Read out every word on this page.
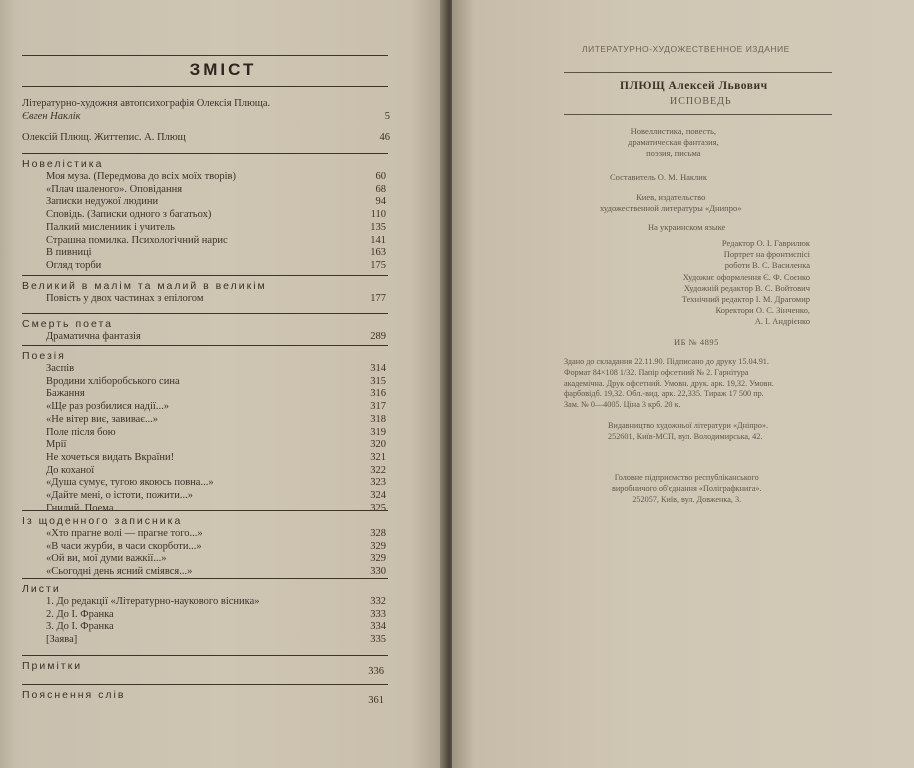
ЗМІСТ
Літературно-художня автопсихографія Олексія Плюща.
Євген Наклік	5
Олексій Плющ. Життепис. А. Плющ	46
Новелістика
Моя муза. (Передмова до всіх моїх творів)	60
«Плач шаленого». Оповідання	68
Записки недужої людини	94
Сповідь. (Записки одного з багатьох)	110
Палкий мислениик і учитель	135
Страшна помилка. Психологічний нарис	141
В пивниці	163
Огляд торби	175
Великий в малім та малий в великім
Повість у двох частинах з епілогом	177
Смерть поета
Драматична фантазія	289
Поезія
Заспів	314
Вродини хліборобського сина	315
Бажання	316
«Ще раз розбилися надії...»	317
«Не вітер виє, завиває...»	318
Поле після бою	319
Мрії	320
Не хочеться видать Вкраїни!	321
До коханої	322
«Душа сумує, тугою якоюсь повна...»	323
«Дайте мені, о істоти, пожити...»	324
Гнилий. Поема	325
Із щоденного записника
«Хто прагне волі — прагне того...»	328
«В часи журби, в часи скорботи...»	329
«Ой ви, мої думи важкії...»	329
«Сьогодні день ясний сміявся...»	330
Листи
1. До редакції «Літературно-наукового вісника»	332
2. До І. Франка	333
3. До І. Франка	334
[Заява]	335
Примітки	336
Пояснення слів	361
ЛИТЕРАТУРНО-ХУДОЖЕСТВЕННОЕ ИЗДАНИЕ
ПЛЮЩ Алексей Львович
ИСПОВЕДЬ
Новеллистика, повесть,
драматическая фантазия,
поэзия, письма
Составитель О. М. Наклик
Киев, издательство
художественной литературы «Днипро»
На украинском языке
Редактор О. І. Гаврилюк
Портрет на фронтиспісі
роботи В. С. Василенка
Художнє оформлення Є. Ф. Соєнко
Художній редактор В. С. Войтович
Технічний редактор І. М. Драгомир
Коректори О. С. Зінченко,
А. І. Андрієнко
ИБ № 4895
Здано до складання 22.11.90. Підписано до друку 15.04.91.
Формат 84×108 1/32. Папір офсетний № 2. Гарнітура
академічна. Друк офсетний. Умовн. друк. арк. 19,32. Умовн.
фарбовідб. 19,32. Обл.-вид. арк. 22,335. Тираж 17 500 пр.
Зам. № 0—4005. Ціна 3 крб. 20 к.
Видавництво художньої літератури «Дніпро».
252601, Київ-МСП, вул. Володимирська, 42.
Головне підприємство республіканського
виробничого об'єднання «Поліграфкнига».
252057, Київ, вул. Довженка, 3.
